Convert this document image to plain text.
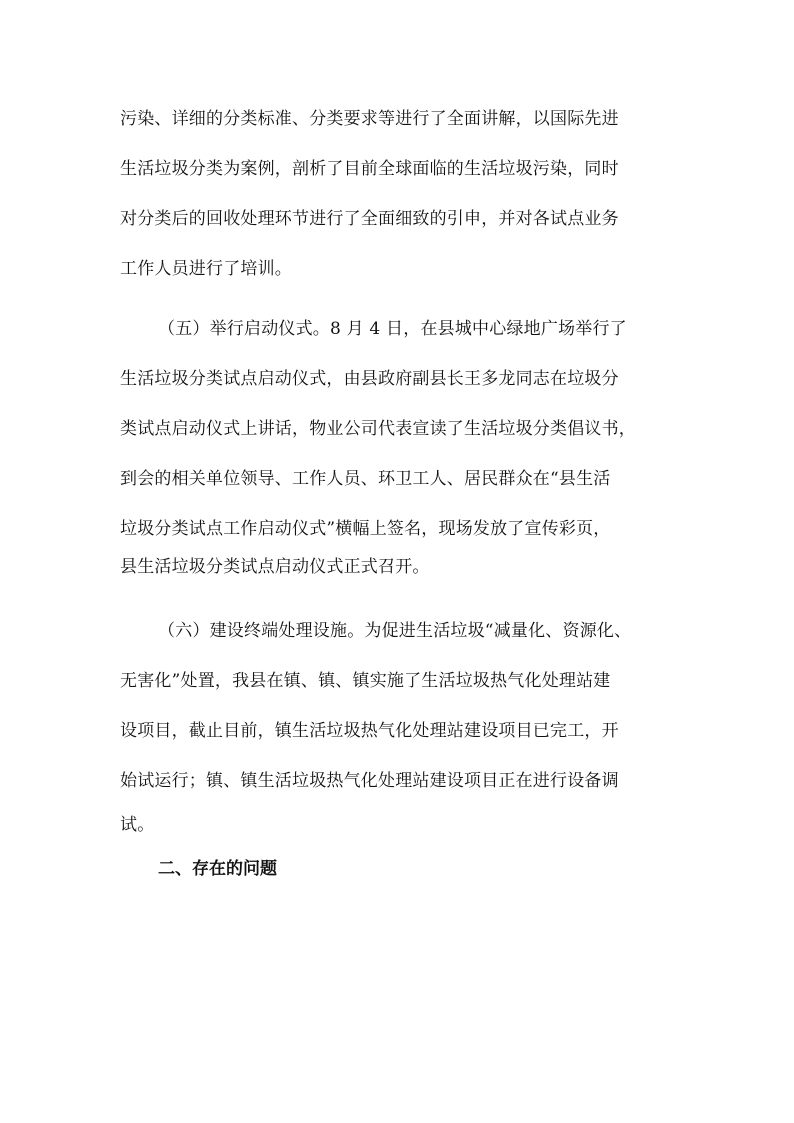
污染、详细的分类标准、分类要求等进行了全面讲解，以国际先进
生活垃圾分类为案例，剖析了目前全球面临的生活垃圾污染，同时
对分类后的回收处理环节进行了全面细致的引申，并对各试点业务
工作人员进行了培训。
（五）举行启动仪式。8 月 4 日，在县城中心绿地广场举行了
生活垃圾分类试点启动仪式，由县政府副县长王多龙同志在垃圾分
类试点启动仪式上讲话，物业公司代表宣读了生活垃圾分类倡议书，
到会的相关单位领导、工作人员、环卫工人、居民群众在“县生活
垃圾分类试点工作启动仪式”横幅上签名，现场发放了宣传彩页，
县生活垃圾分类试点启动仪式正式召开。
（六）建设终端处理设施。为促进生活垃圾“减量化、资源化、
无害化”处置，我县在镇、镇、镇实施了生活垃圾热气化处理站建
设项目，截止目前，镇生活垃圾热气化处理站建设项目已完工，开
始试运行；镇、镇生活垃圾热气化处理站建设项目正在进行设备调
试。
二、存在的问题
